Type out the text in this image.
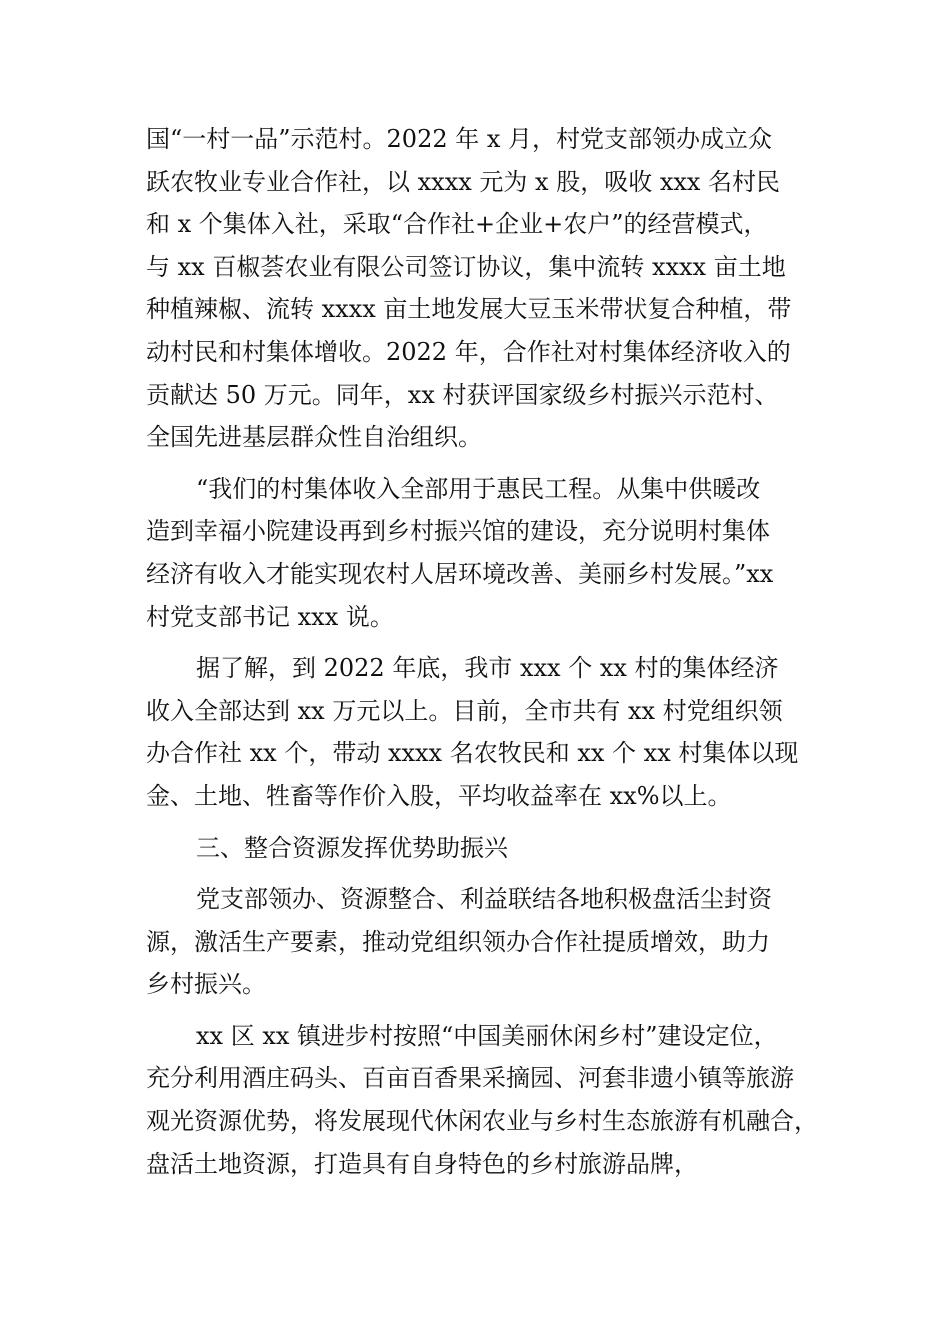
国“一村一品”示范村。2022 年 x 月，村党支部领办成立众
跃农牧业专业合作社，以 xxxx 元为 x 股，吸收 xxx 名村民
和 x 个集体入社，采取“合作社+企业+农户”的经营模式，
与 xx 百椒荟农业有限公司签订协议，集中流转 xxxx 亩土地
种植辣椒、流转 xxxx 亩土地发展大豆玉米带状复合种植，带
动村民和村集体增收。2022 年，合作社对村集体经济收入的
贡献达 50 万元。同年，xx 村获评国家级乡村振兴示范村、
全国先进基层群众性自治组织。

“我们的村集体收入全部用于惠民工程。从集中供暖改
造到幸福小院建设再到乡村振兴馆的建设，充分说明村集体
经济有收入才能实现农村人居环境改善、美丽乡村发展。”xx
村党支部书记 xxx 说。

据了解，到 2022 年底，我市 xxx 个 xx 村的集体经济
收入全部达到 xx 万元以上。目前，全市共有 xx 村党组织领
办合作社 xx 个，带动 xxxx 名农牧民和 xx 个 xx 村集体以现
金、土地、牲畜等作价入股，平均收益率在 xx%以上。

三、整合资源发挥优势助振兴

党支部领办、资源整合、利益联结各地积极盘活尘封资
源，激活生产要素，推动党组织领办合作社提质增效，助力
乡村振兴。

xx 区 xx 镇进步村按照“中国美丽休闲乡村”建设定位，
充分利用酒庄码头、百亩百香果采摘园、河套非遗小镇等旅游
观光资源优势，将发展现代休闲农业与乡村生态旅游有机融合，
盘活土地资源，打造具有自身特色的乡村旅游品牌，
